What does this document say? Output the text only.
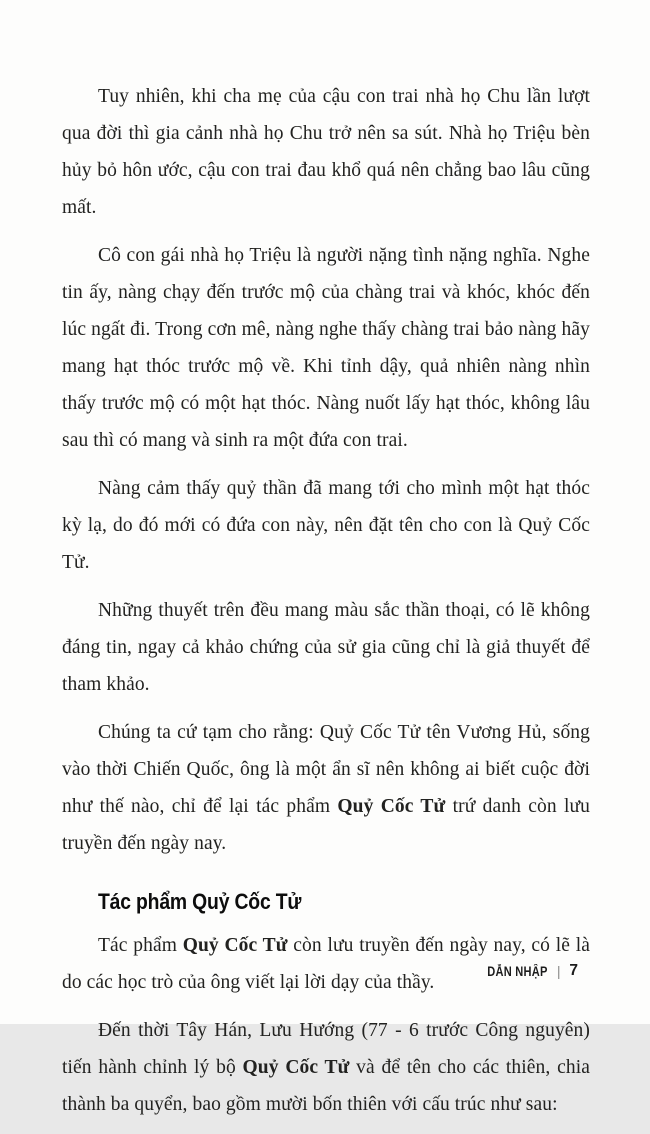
Tuy nhiên, khi cha mẹ của cậu con trai nhà họ Chu lần lượt qua đời thì gia cảnh nhà họ Chu trở nên sa sút. Nhà họ Triệu bèn hủy bỏ hôn ước, cậu con trai đau khổ quá nên chẳng bao lâu cũng mất.

Cô con gái nhà họ Triệu là người nặng tình nặng nghĩa. Nghe tin ấy, nàng chạy đến trước mộ của chàng trai và khóc, khóc đến lúc ngất đi. Trong cơn mê, nàng nghe thấy chàng trai bảo nàng hãy mang hạt thóc trước mộ về. Khi tỉnh dậy, quả nhiên nàng nhìn thấy trước mộ có một hạt thóc. Nàng nuốt lấy hạt thóc, không lâu sau thì có mang và sinh ra một đứa con trai.

Nàng cảm thấy quỷ thần đã mang tới cho mình một hạt thóc kỳ lạ, do đó mới có đứa con này, nên đặt tên cho con là Quỷ Cốc Tử.

Những thuyết trên đều mang màu sắc thần thoại, có lẽ không đáng tin, ngay cả khảo chứng của sử gia cũng chỉ là giả thuyết để tham khảo.

Chúng ta cứ tạm cho rằng: Quỷ Cốc Tử tên Vương Hủ, sống vào thời Chiến Quốc, ông là một ẩn sĩ nên không ai biết cuộc đời như thế nào, chỉ để lại tác phẩm Quỷ Cốc Tử trứ danh còn lưu truyền đến ngày nay.

Tác phẩm Quỷ Cốc Tử

Tác phẩm Quỷ Cốc Tử còn lưu truyền đến ngày nay, có lẽ là do các học trò của ông viết lại lời dạy của thầy.

Đến thời Tây Hán, Lưu Hướng (77 - 6 trước Công nguyên) tiến hành chỉnh lý bộ Quỷ Cốc Tử và để tên cho các thiên, chia thành ba quyển, bao gồm mười bốn thiên với cấu trúc như sau:

DẪN NHẬP | 7
